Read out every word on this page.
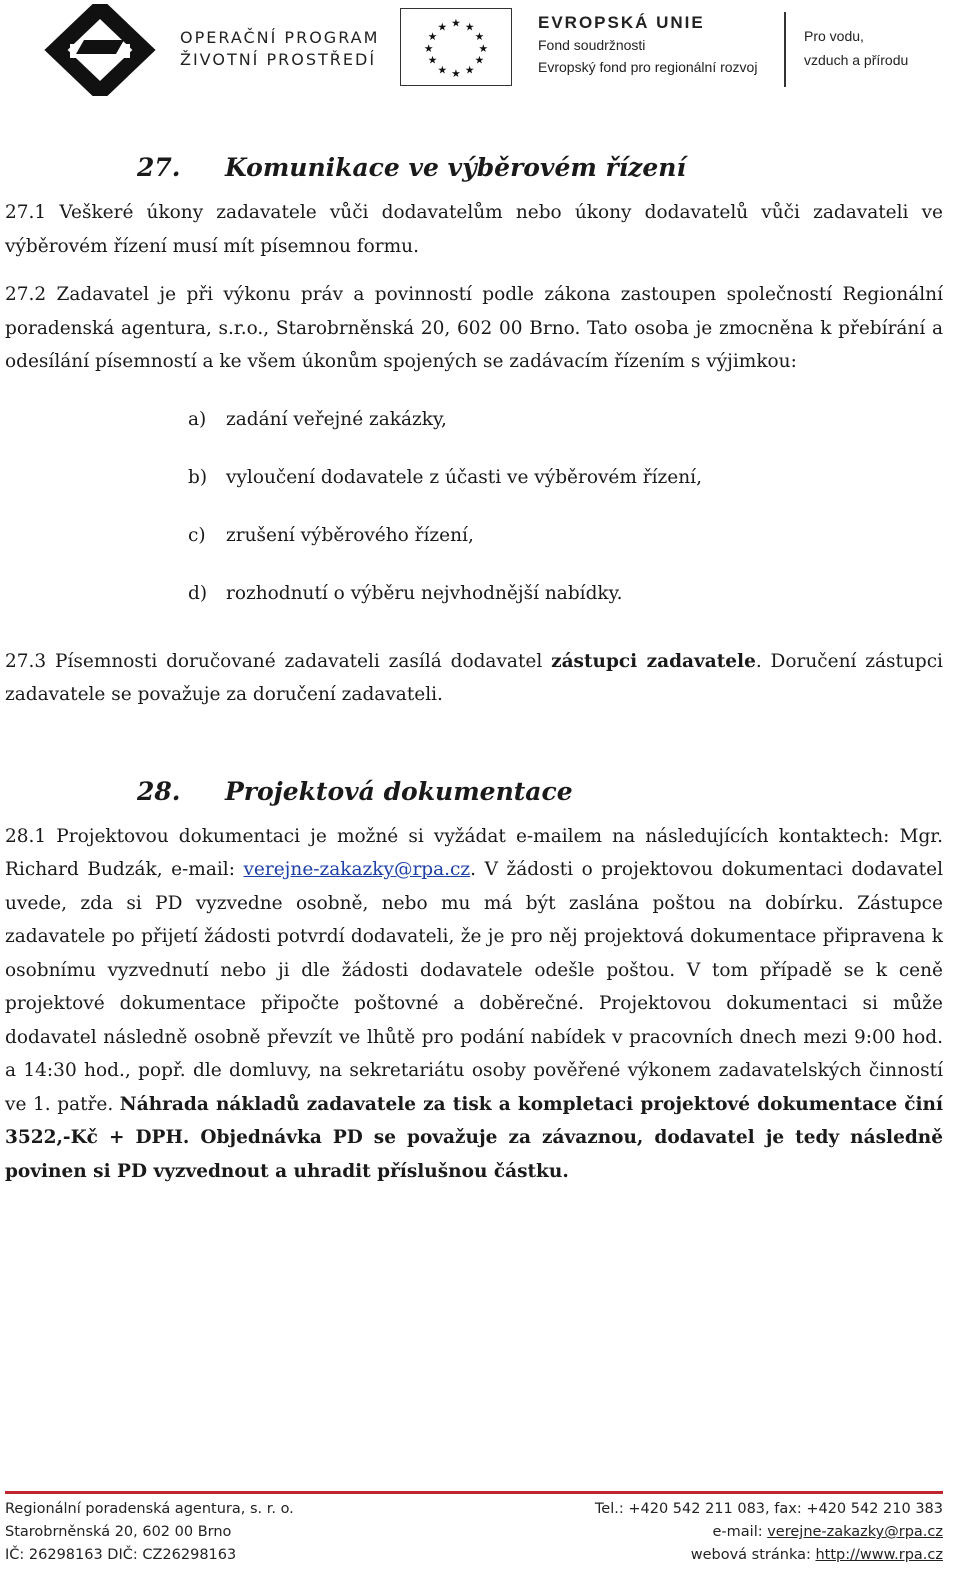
OPERAČNÍ PROGRAM
ŽIVOTNÍ PROSTŘEDÍ
★ ★
★
★
★
★
★
★
★
★
★
★	EVROPSKÁ UNIE
Fond soudržnosti
Evropský fond pro regionální rozvoj
Pro vodu,
vzduch a přírodu
27. Komunikace ve výběrovém řízení

27.1 Veškeré úkony zadavatele vůči dodavatelům nebo úkony dodavatelů vůči zadavateli ve výběrovém řízení musí mít písemnou formu.

27.2 Zadavatel je při výkonu práv a povinností podle zákona zastoupen společností Regionální poradenská agentura, s.r.o., Starobrněnská 20, 602 00 Brno. Tato osoba je zmocněna k přebírání a odesílání písemností a ke všem úkonům spojených se zadávacím řízením s výjimkou:

a) zadání veřejné zakázky,
b) vyloučení dodavatele z účasti ve výběrovém řízení,
c) zrušení výběrového řízení,
d) rozhodnutí o výběru nejvhodnější nabídky.

27.3 Písemnosti doručované zadavateli zasílá dodavatel zástupci zadavatele. Doručení zástupci zadavatele se považuje za doručení zadavateli.

28. Projektová dokumentace

28.1 Projektovou dokumentaci je možné si vyžádat e-mailem na následujících kontaktech: Mgr. Richard Budzák, e-mail: verejne-zakazky@rpa.cz. V žádosti o projektovou dokumentaci dodavatel uvede, zda si PD vyzvedne osobně, nebo mu má být zaslána poštou na dobírku. Zástupce zadavatele po přijetí žádosti potvrdí dodavateli, že je pro něj projektová dokumentace připravena k osobnímu vyzvednutí nebo ji dle žádosti dodavatele odešle poštou. V tom případě se k ceně projektové dokumentace připočte poštovné a doběrečné. Projektovou dokumentaci si může dodavatel následně osobně převzít ve lhůtě pro podání nabídek v pracovních dnech mezi 9:00 hod. a 14:30 hod., popř. dle domluvy, na sekretariátu osoby pověřené výkonem zadavatelských činností ve 1. patře. Náhrada nákladů zadavatele za tisk a kompletaci projektové dokumentace činí 3522,-Kč + DPH. Objednávka PD se považuje za závaznou, dodavatel je tedy následně povinen si PD vyzvednout a uhradit příslušnou částku.

Regionální poradenská agentura, s. r. o.
Starobrněnská 20, 602 00 Brno
IČ: 26298163 DIČ: CZ26298163
Tel.: +420 542 211 083, fax: +420 542 210 383
e-mail: verejne-zakazky@rpa.cz
webová stránka: http://www.rpa.cz
